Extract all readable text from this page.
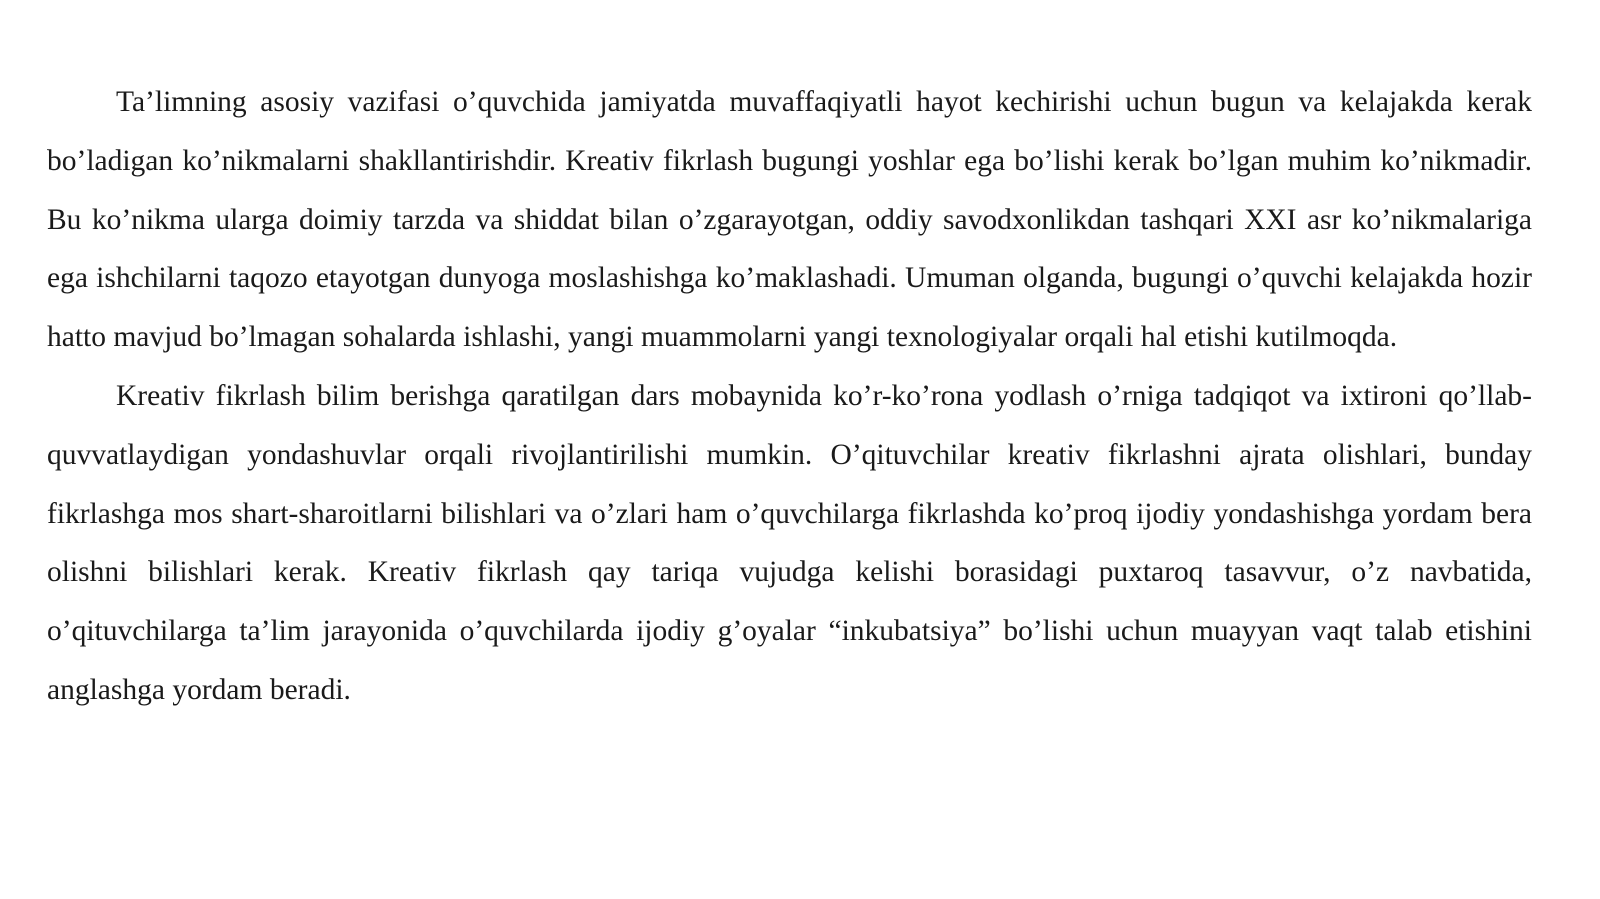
Ta’limning asosiy vazifasi o’quvchida jamiyatda muvaffaqiyatli hayot kechirishi uchun bugun va kelajakda kerak bo’ladigan ko’nikmalarni shakllantirishdir. Kreativ fikrlash bugungi yoshlar ega bo’lishi kerak bo’lgan muhim ko’nikmadir. Bu ko’nikma ularga doimiy tarzda va shiddat bilan o’zgarayotgan, oddiy savodxonlikdan tashqari XXI asr ko’nikmalariga ega ishchilarni taqozo etayotgan dunyoga moslashishga ko’maklashadi. Umuman olganda, bugungi o’quvchi kelajakda hozir hatto mavjud bo’lmagan sohalarda ishlashi, yangi muammolarni yangi texnologiyalar orqali hal etishi kutilmoqda.

Kreativ fikrlash bilim berishga qaratilgan dars mobaynida ko’r-ko’rona yodlash o’rniga tadqiqot va ixtironi qo’llab-quvvatlaydigan yondashuvlar orqali rivojlantirilishi mumkin. O’qituvchilar kreativ fikrlashni ajrata olishlari, bunday fikrlashga mos shart-sharoitlarni bilishlari va o’zlari ham o’quvchilarga fikrlashda ko’proq ijodiy yondashishga yordam bera olishni bilishlari kerak. Kreativ fikrlash qay tariqa vujudga kelishi borasidagi puxtaroq tasavvur, o’z navbatida, o’qituvchilarga ta’lim jarayonida o’quvchilarda ijodiy g’oyalar “inkubatsiya” bo’lishi uchun muayyan vaqt talab etishini anglashga yordam beradi.
